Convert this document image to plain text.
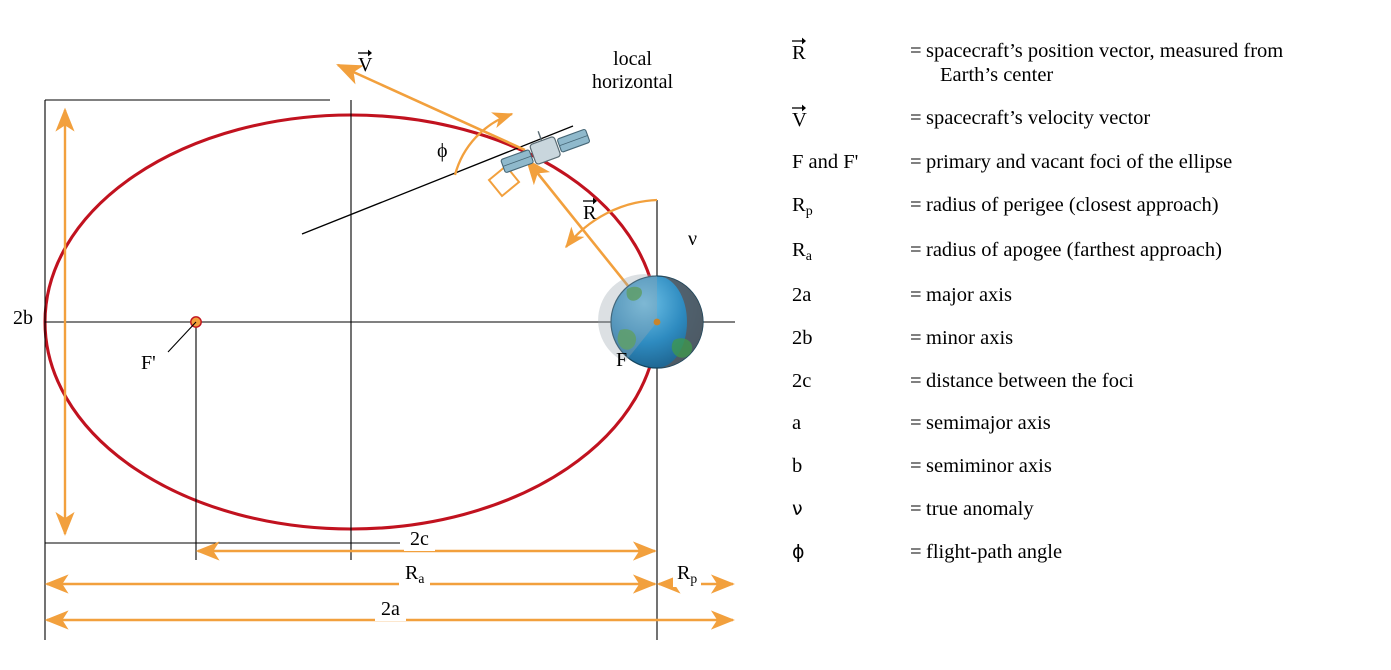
V	local
horizontal
ϕ
R
ν
F
F'
2b
2c
$R_a$	$R_p$
2a
R	= spacecraft’s position vector, measured from
Earth’s center
V	= spacecraft’s velocity vector
F and F'	= primary and vacant foci of the ellipse
$R_p$	= radius of perigee (closest approach)
$R_a$	= radius of apogee (farthest approach)
2a	= major axis
2b	= minor axis
2c	= distance between the foci
a	= semimajor axis
b	= semiminor axis
ν	= true anomaly
ϕ	= flight-path angle
